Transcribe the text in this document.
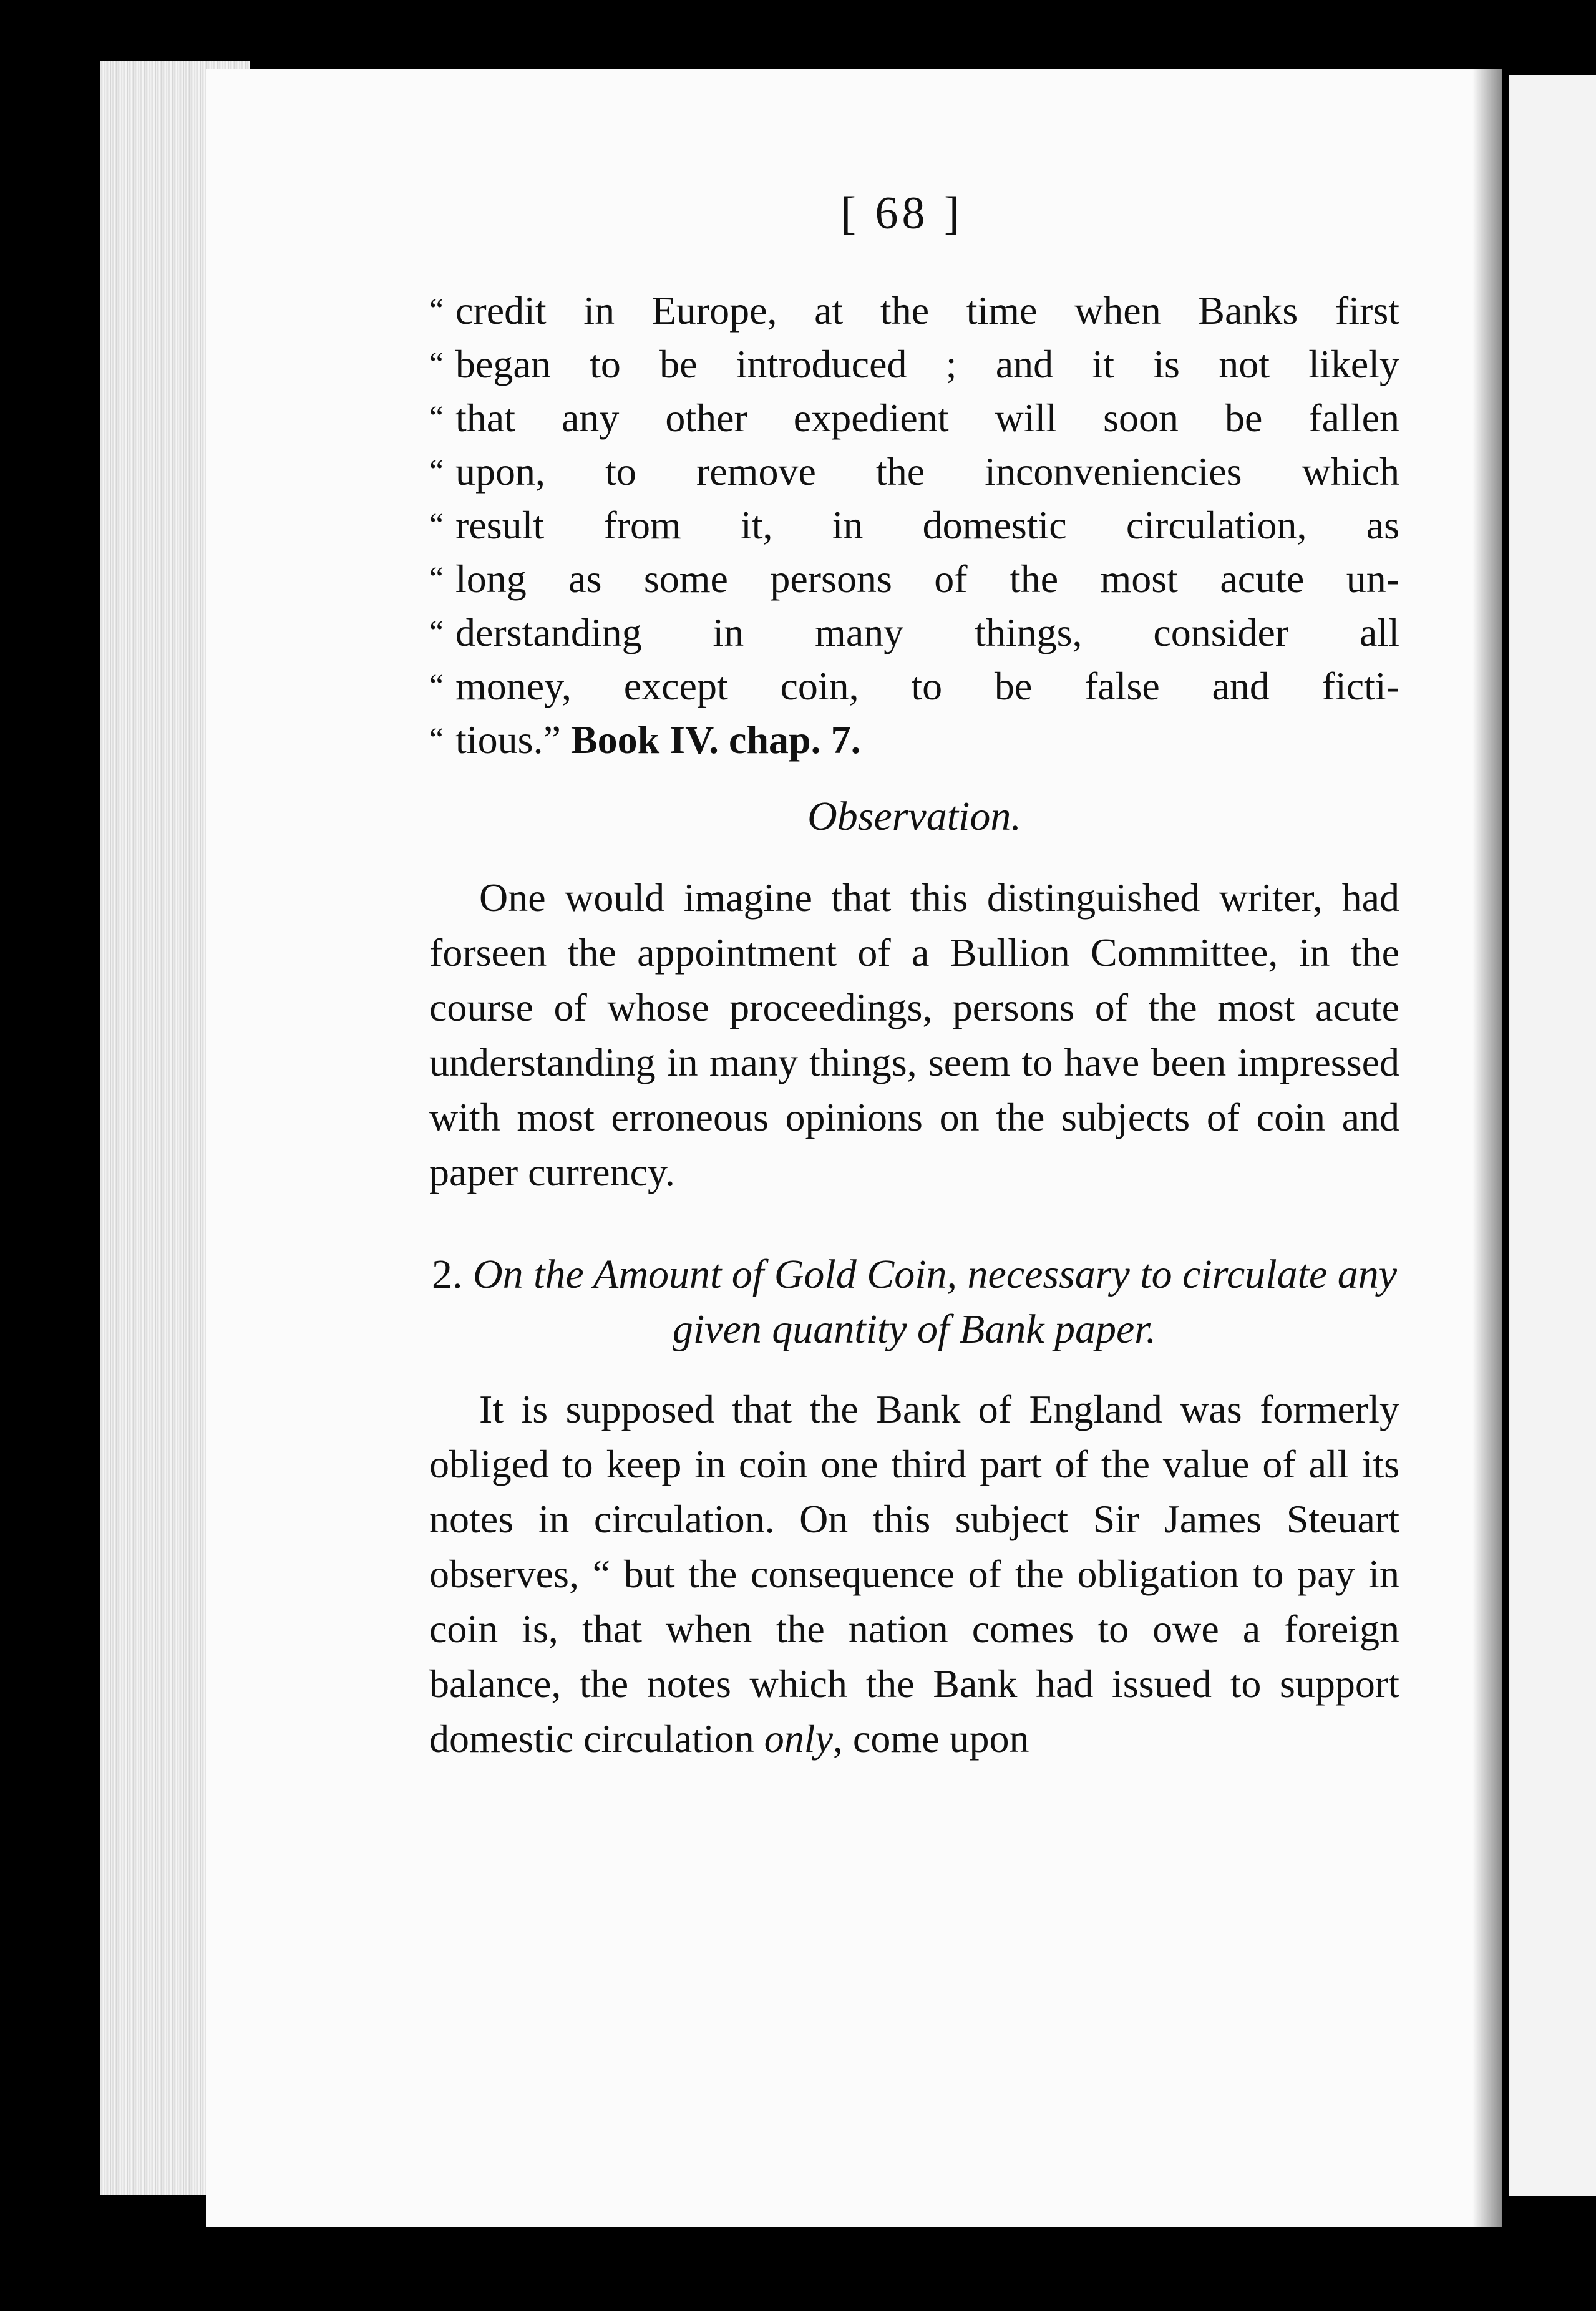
[ 68 ]
“ credit in Europe, at the time when Banks first
“ began to be introduced ; and it is not likely
“ that any other expedient will soon be fallen
“ upon, to remove the inconveniencies which
“ result from it, in domestic circulation, as
“ long as some persons of the most acute un-
“ derstanding in many things, consider all
“ money, except coin, to be false and ficti-
“ tious.” Book IV. chap. 7.
Observation.

One would imagine that this distinguished writer, had forseen the appointment of a Bullion Committee, in the course of whose proceedings, persons of the most acute understanding in many things, seem to have been impressed with most erroneous opinions on the subjects of coin and paper currency.

2. On the Amount of Gold Coin, necessary to circulate any given quantity of Bank paper.

It is supposed that the Bank of England was formerly obliged to keep in coin one third part of the value of all its notes in circulation. On this subject Sir James Steuart observes, “ but the consequence of the obligation to pay in coin is, that when the nation comes to owe a foreign balance, the notes which the Bank had issued to support domestic circulation only, come upon
